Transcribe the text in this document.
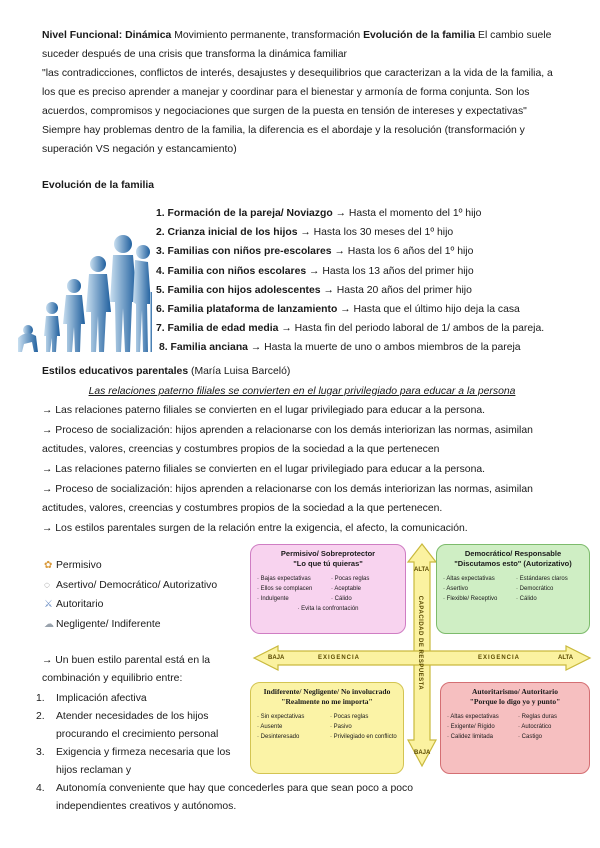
Nivel Funcional: Dinámica Movimiento permanente, transformación Evolución de la familia El cambio suele suceder después de una crisis que transforma la dinámica familiar
"las contradicciones, conflictos de interés, desajustes y desequilibrios que caracterizan a la vida de la familia, a los que es preciso aprender a manejar y coordinar para el bienestar y armonía de forma conjunta. Son los acuerdos, compromisos y negociaciones que surgen de la puesta en tensión de intereses y expectativas" Siempre hay problemas dentro de la familia, la diferencia es el abordaje y la resolución (transformación y superación VS negación y estancamiento)
Evolución de la familia
1. Formación de la pareja/ Noviazgo → Hasta el momento del 1º hijo
2. Crianza inicial de los hijos → Hasta los 30 meses del 1º hijo
3. Familias con niños pre-escolares → Hasta los 6 años del 1º hijo
4. Familia con niños escolares → Hasta los 13 años del primer hijo
5. Familia con hijos adolescentes → Hasta 20 años del primer hijo
6. Familia plataforma de lanzamiento → Hasta que el último hijo deja la casa
7. Familia de edad media → Hasta fin del periodo laboral de 1/ ambos de la pareja.
8. Familia anciana → Hasta la muerte de uno o ambos miembros de la pareja
Estilos educativos parentales (María Luisa Barceló)
Las relaciones paterno filiales se convierten en el lugar privilegiado para educar a la persona
→ Las relaciones paterno filiales se convierten en el lugar privilegiado para educar a la persona.
→ Proceso de socialización: hijos aprenden a relacionarse con los demás interiorizan las normas, asimilan actitudes, valores, creencias y costumbres propios de la sociedad a la que pertenecen
→ Las relaciones paterno filiales se convierten en el lugar privilegiado para educar a la persona.
→ Proceso de socialización: hijos aprenden a relacionarse con los demás interiorizan las normas, asimilan actitudes, valores, creencias y costumbres propios de la sociedad a la que pertenecen.
→ Los estilos parentales surgen de la relación entre la exigencia, el afecto, la comunicación.
✿ Permisivo
◌ Asertivo/ Democrático/ Autorizativo
⚔ Autoritario
☁ Negligente/ Indiferente
→ Un buen estilo parental está en la combinación y equilibrio entre:
1. Implicación afectiva
2. Atender necesidades de los hijos procurando el crecimiento personal
3. Exigencia y firmeza necesaria que los hijos reclaman y
4. Autonomía conveniente que hay que concederles para que sean poco a poco independientes creativos y autónomos.
ALTA
BAJA
BAJA	ALTA
EXIGENCIA	EXIGENCIA
CAPACIDAD DE RESPUESTA
Permisivo/ Sobreprotector
"Lo que tú quieras"
· Bajas expectativas	· Pocas reglas
· Ellos se complacen	· Aceptable
· Indulgente	· Cálido
· Evita la confrontación
Democrático/ Responsable
"Discutamos esto" (Autorizativo)
· Altas expectativas	· Estándares claros
· Asertivo	· Democrático
· Flexible/ Receptivo	· Cálido
Indiferente/ Negligente/ No involucrado
"Realmente no me importa"
· Sin expectativas	· Pocas reglas
· Ausente	· Pasivo
· Desinteresado	· Privilegiado en conflicto
Autoritarismo/ Autoritario
"Porque lo digo yo y punto"
· Altas expectativas	· Reglas duras
· Exigente/ Rígido	· Autocrático
· Calidez limitada	· Castigo
